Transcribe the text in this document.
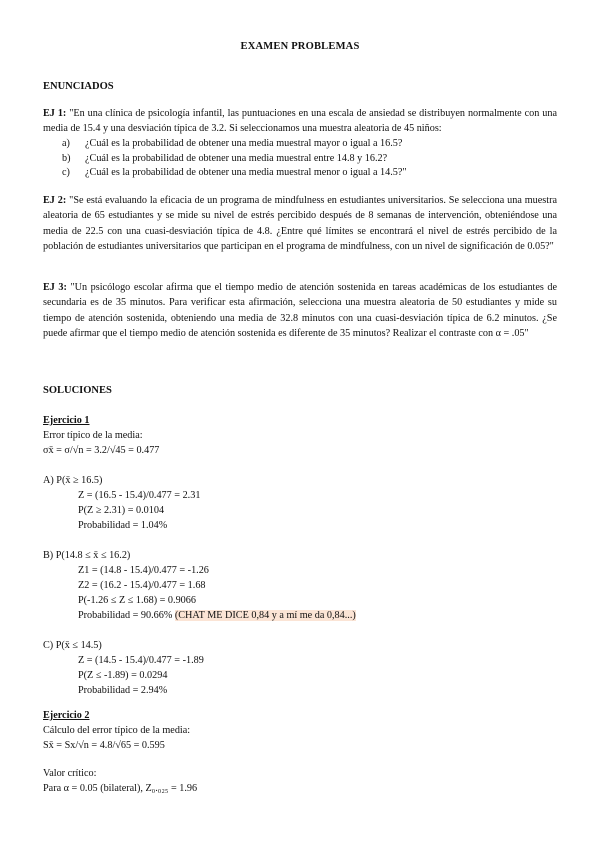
EXAMEN PROBLEMAS
ENUNCIADOS
EJ 1: "En una clínica de psicología infantil, las puntuaciones en una escala de ansiedad se distribuyen normalmente con una media de 15.4 y una desviación típica de 3.2. Si seleccionamos una muestra aleatoria de 45 niños:
a) ¿Cuál es la probabilidad de obtener una media muestral mayor o igual a 16.5?
b) ¿Cuál es la probabilidad de obtener una media muestral entre 14.8 y 16.2?
c) ¿Cuál es la probabilidad de obtener una media muestral menor o igual a 14.5?"
EJ 2: "Se está evaluando la eficacia de un programa de mindfulness en estudiantes universitarios. Se selecciona una muestra aleatoria de 65 estudiantes y se mide su nivel de estrés percibido después de 8 semanas de intervención, obteniéndose una media de 22.5 con una cuasi-desviación típica de 4.8. ¿Entre qué límites se encontrará el nivel de estrés percibido de la población de estudiantes universitarios que participan en el programa de mindfulness, con un nivel de significación de 0.05?"
EJ 3: "Un psicólogo escolar afirma que el tiempo medio de atención sostenida en tareas académicas de los estudiantes de secundaria es de 35 minutos. Para verificar esta afirmación, selecciona una muestra aleatoria de 50 estudiantes y mide su tiempo de atención sostenida, obteniendo una media de 32.8 minutos con una cuasi-desviación típica de 6.2 minutos. ¿Se puede afirmar que el tiempo medio de atención sostenida es diferente de 35 minutos? Realizar el contraste con α = .05"
SOLUCIONES
Ejercicio 1
Error típico de la media:
σx̄ = σ/√n = 3.2/√45 = 0.477
A) P(x̄ ≥ 16.5)
Z = (16.5 - 15.4)/0.477 = 2.31
P(Z ≥ 2.31) = 0.0104
Probabilidad = 1.04%
B) P(14.8 ≤ x̄ ≤ 16.2)
Z1 = (14.8 - 15.4)/0.477 = -1.26
Z2 = (16.2 - 15.4)/0.477 = 1.68
P(-1.26 ≤ Z ≤ 1.68) = 0.9066
Probabilidad = 90.66% (CHAT ME DICE 0,84 y a mí me da 0,84...)
C) P(x̄ ≤ 14.5)
Z = (14.5 - 15.4)/0.477 = -1.89
P(Z ≤ -1.89) = 0.0294
Probabilidad = 2.94%
Ejercicio 2
Cálculo del error típico de la media:
Sx̄ = Sx/√n = 4.8/√65 = 0.595
Valor crítico:
Para α = 0.05 (bilateral), Z₀.₀₂₅ = 1.96
